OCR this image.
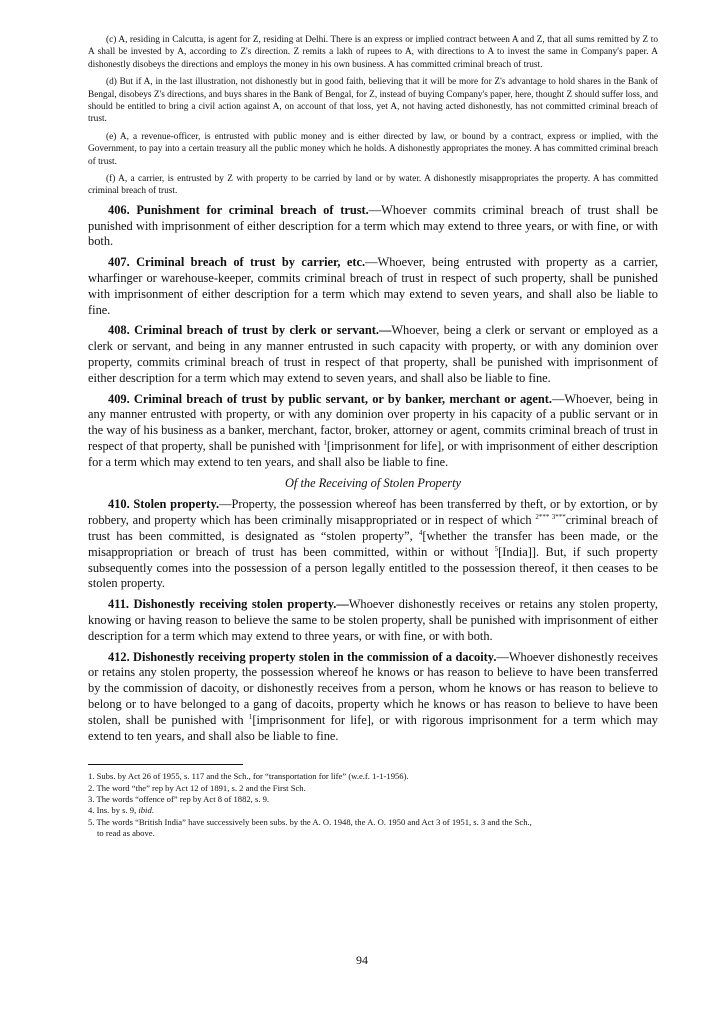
(c) A, residing in Calcutta, is agent for Z, residing at Delhi. There is an express or implied contract between A and Z, that all sums remitted by Z to A shall be invested by A, according to Z's direction. Z remits a lakh of rupees to A, with directions to A to invest the same in Company's paper. A dishonestly disobeys the directions and employs the money in his own business. A has committed criminal breach of trust.

(d) But if A, in the last illustration, not dishonestly but in good faith, believing that it will be more for Z's advantage to hold shares in the Bank of Bengal, disobeys Z's directions, and buys shares in the Bank of Bengal, for Z, instead of buying Company's paper, here, thought Z should suffer loss, and should be entitled to bring a civil action against A, on account of that loss, yet A, not having acted dishonestly, has not committed criminal breach of trust.

(e) A, a revenue-officer, is entrusted with public money and is either directed by law, or bound by a contract, express or implied, with the Government, to pay into a certain treasury all the public money which he holds. A dishonestly appropriates the money. A has committed criminal breach of trust.

(f) A, a carrier, is entrusted by Z with property to be carried by land or by water. A dishonestly misappropriates the property. A has committed criminal breach of trust.

406. Punishment for criminal breach of trust.—Whoever commits criminal breach of trust shall be punished with imprisonment of either description for a term which may extend to three years, or with fine, or with both.

407. Criminal breach of trust by carrier, etc.—Whoever, being entrusted with property as a carrier, wharfinger or warehouse-keeper, commits criminal breach of trust in respect of such property, shall be punished with imprisonment of either description for a term which may extend to seven years, and shall also be liable to fine.

408. Criminal breach of trust by clerk or servant.—Whoever, being a clerk or servant or employed as a clerk or servant, and being in any manner entrusted in such capacity with property, or with any dominion over property, commits criminal breach of trust in respect of that property, shall be punished with imprisonment of either description for a term which may extend to seven years, and shall also be liable to fine.

409. Criminal breach of trust by public servant, or by banker, merchant or agent.—Whoever, being in any manner entrusted with property, or with any dominion over property in his capacity of a public servant or in the way of his business as a banker, merchant, factor, broker, attorney or agent, commits criminal breach of trust in respect of that property, shall be punished with $^1$[imprisonment for life], or with imprisonment of either description for a term which may extend to ten years, and shall also be liable to fine.

Of the Receiving of Stolen Property

410. Stolen property.—Property, the possession whereof has been transferred by theft, or by extortion, or by robbery, and property which has been criminally misappropriated or in respect of which $^{2***}$ $^{3***}$criminal breach of trust has been committed, is designated as “stolen property”, $^4$[whether the transfer has been made, or the misappropriation or breach of trust has been committed, within or without $^5$[India]]. But, if such property subsequently comes into the possession of a person legally entitled to the possession thereof, it then ceases to be stolen property.

411. Dishonestly receiving stolen property.—Whoever dishonestly receives or retains any stolen property, knowing or having reason to believe the same to be stolen property, shall be punished with imprisonment of either description for a term which may extend to three years, or with fine, or with both.

412. Dishonestly receiving property stolen in the commission of a dacoity.—Whoever dishonestly receives or retains any stolen property, the possession whereof he knows or has reason to believe to have been transferred by the commission of dacoity, or dishonestly receives from a person, whom he knows or has reason to believe to belong or to have belonged to a gang of dacoits, property which he knows or has reason to believe to have been stolen, shall be punished with $^1$[imprisonment for life], or with rigorous imprisonment for a term which may extend to ten years, and shall also be liable to fine.

1. Subs. by Act 26 of 1955, s. 117 and the Sch., for “transportation for life” (w.e.f. 1-1-1956).

2. The word “the” rep by Act 12 of 1891, s. 2 and the First Sch.

3. The words “offence of” rep by Act 8 of 1882, s. 9.

4. Ins. by s. 9, ibid.

5. The words “British India” have successively been subs. by the A. O. 1948, the A. O. 1950 and Act 3 of 1951, s. 3 and the Sch.,

to read as above.

94
